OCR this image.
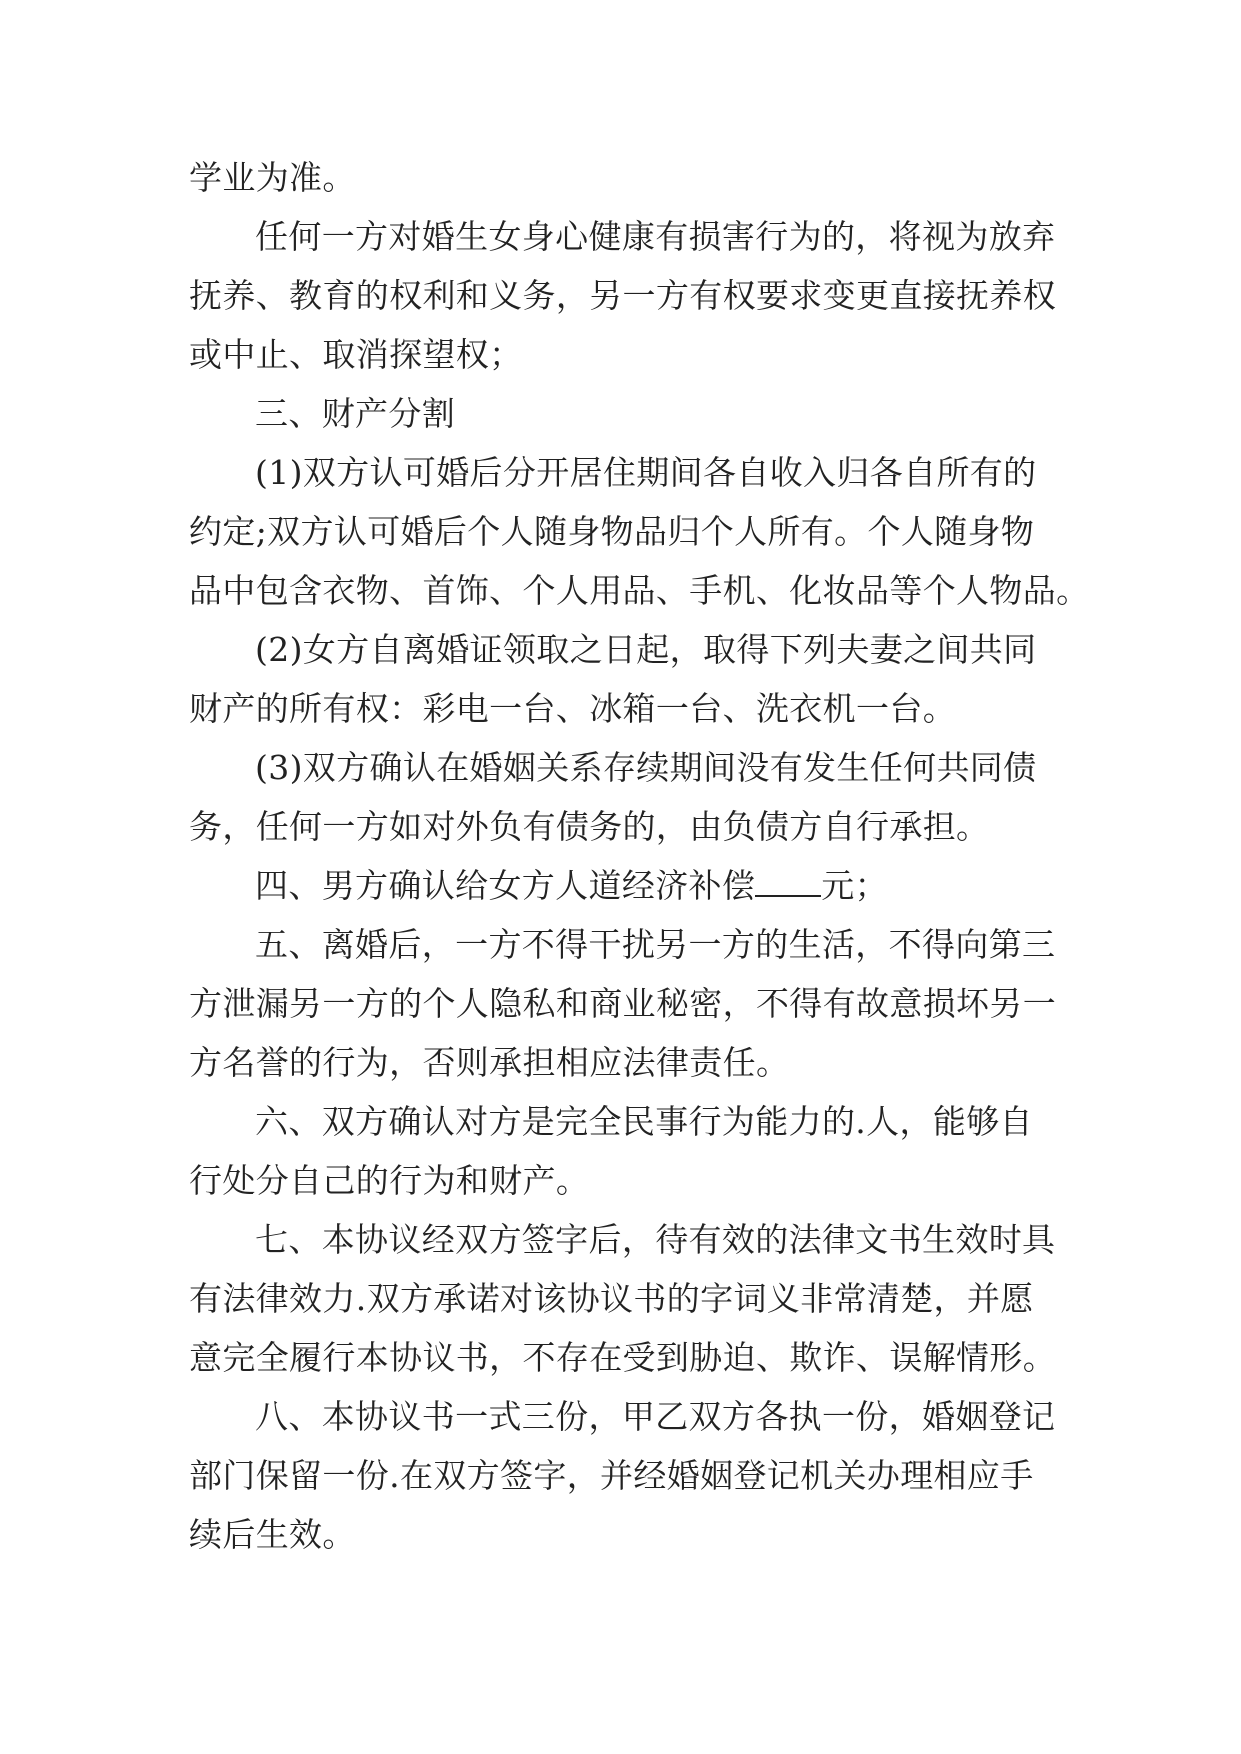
学业为准。
任何一方对婚生女身心健康有损害行为的，将视为放弃
抚养、教育的权利和义务，另一方有权要求变更直接抚养权
或中止、取消探望权；
三、财产分割
(1)双方认可婚后分开居住期间各自收入归各自所有的
约定;双方认可婚后个人随身物品归个人所有。个人随身物
品中包含衣物、首饰、个人用品、手机、化妆品等个人物品。
(2)女方自离婚证领取之日起，取得下列夫妻之间共同
财产的所有权：彩电一台、冰箱一台、洗衣机一台。
(3)双方确认在婚姻关系存续期间没有发生任何共同债
务，任何一方如对外负有债务的，由负债方自行承担。
四、男方确认给女方人道经济补偿 元；
五、离婚后，一方不得干扰另一方的生活，不得向第三
方泄漏另一方的个人隐私和商业秘密，不得有故意损坏另一
方名誉的行为，否则承担相应法律责任。
六、双方确认对方是完全民事行为能力的.人，能够自
行处分自己的行为和财产。
七、本协议经双方签字后，待有效的法律文书生效时具
有法律效力.双方承诺对该协议书的字词义非常清楚，并愿
意完全履行本协议书，不存在受到胁迫、欺诈、误解情形。
八、本协议书一式三份，甲乙双方各执一份，婚姻登记
部门保留一份.在双方签字，并经婚姻登记机关办理相应手
续后生效。
